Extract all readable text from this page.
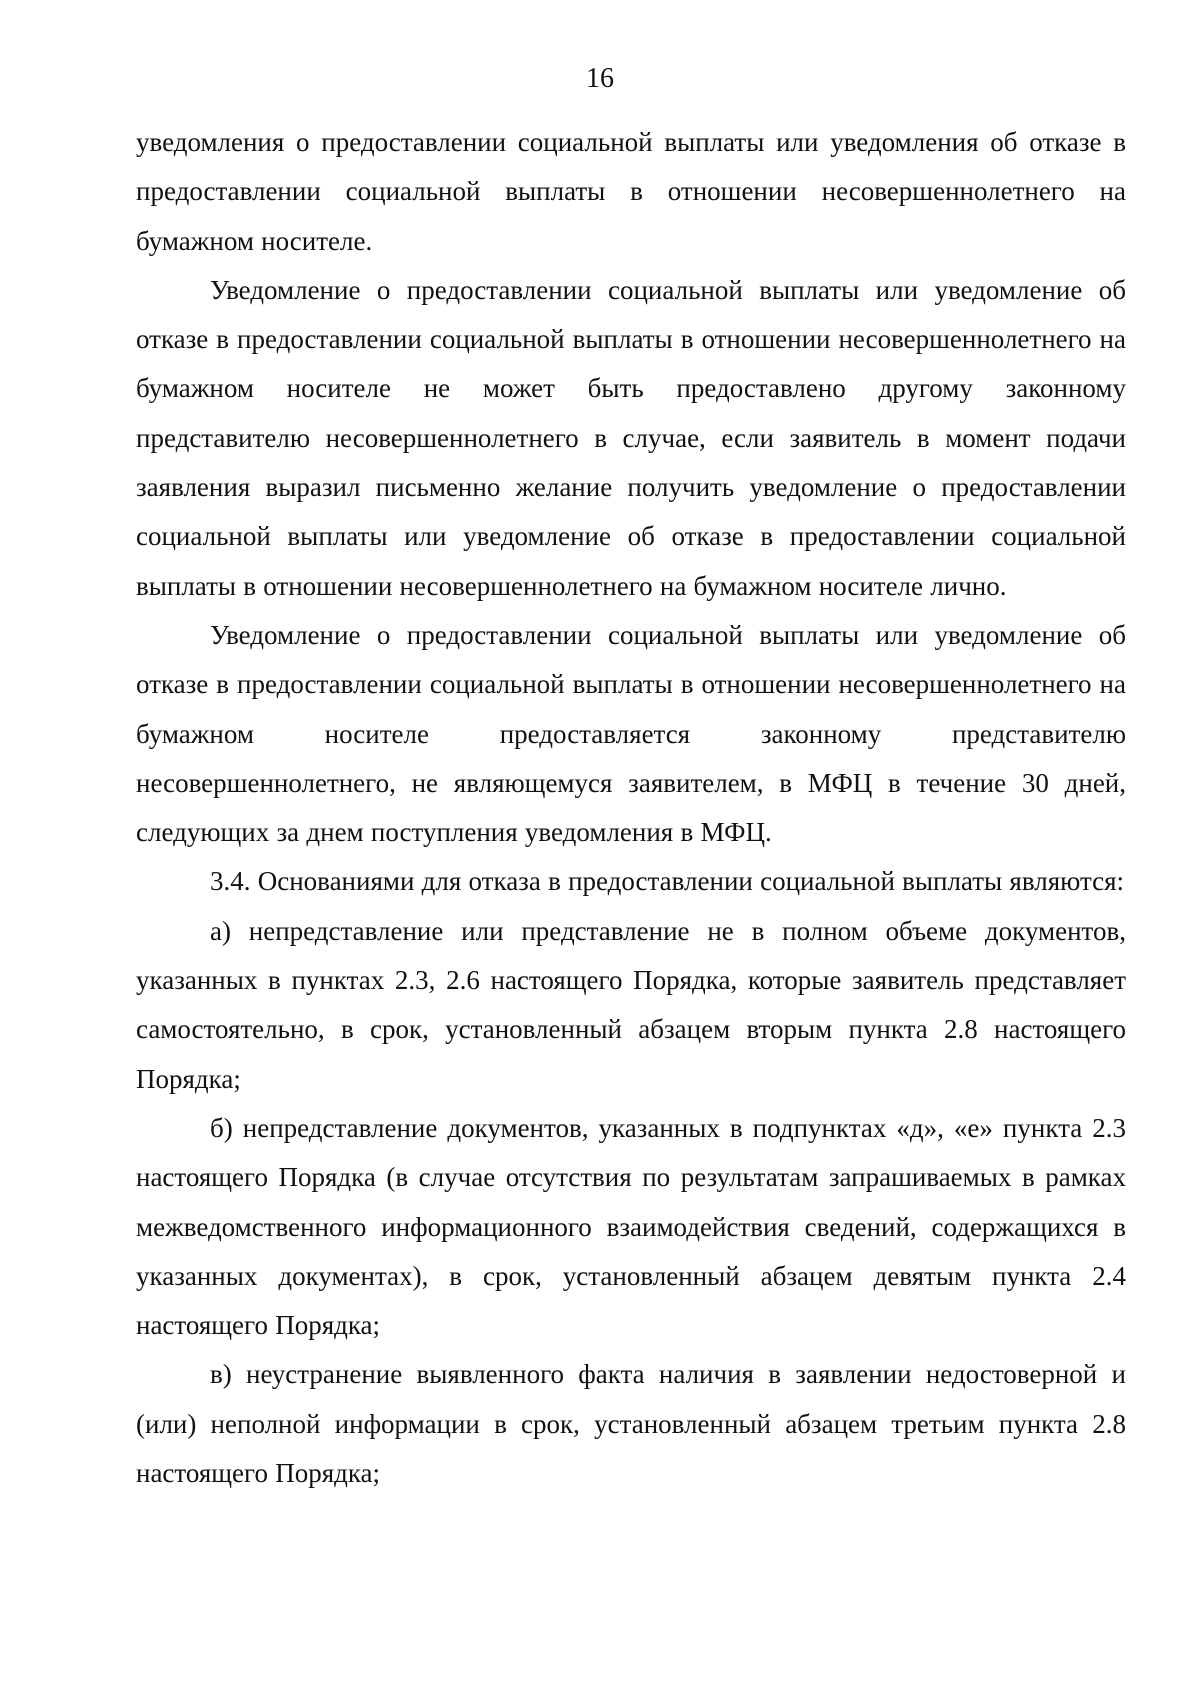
16

уведомления о предоставлении социальной выплаты или уведомления об отказе в предоставлении социальной выплаты в отношении несовершеннолетнего на бумажном носителе.

Уведомление о предоставлении социальной выплаты или уведомление об отказе в предоставлении социальной выплаты в отношении несовершеннолетнего на бумажном носителе не может быть предоставлено другому законному представителю несовершеннолетнего в случае, если заявитель в момент подачи заявления выразил письменно желание получить уведомление о предоставлении социальной выплаты или уведомление об отказе в предоставлении социальной выплаты в отношении несовершеннолетнего на бумажном носителе лично.

Уведомление о предоставлении социальной выплаты или уведомление об отказе в предоставлении социальной выплаты в отношении несовершеннолетнего на бумажном носителе предоставляется законному представителю несовершеннолетнего, не являющемуся заявителем, в МФЦ в течение 30 дней, следующих за днем поступления уведомления в МФЦ.

3.4. Основаниями для отказа в предоставлении социальной выплаты являются:

а) непредставление или представление не в полном объеме документов, указанных в пунктах 2.3, 2.6 настоящего Порядка, которые заявитель представляет самостоятельно, в срок, установленный абзацем вторым пункта 2.8 настоящего Порядка;

б) непредставление документов, указанных в подпунктах «д», «е» пункта 2.3 настоящего Порядка (в случае отсутствия по результатам запрашиваемых в рамках межведомственного информационного взаимодействия сведений, содержащихся в указанных документах), в срок, установленный абзацем девятым пункта 2.4 настоящего Порядка;

в) неустранение выявленного факта наличия в заявлении недостоверной и (или) неполной информации в срок, установленный абзацем третьим пункта 2.8 настоящего Порядка;
